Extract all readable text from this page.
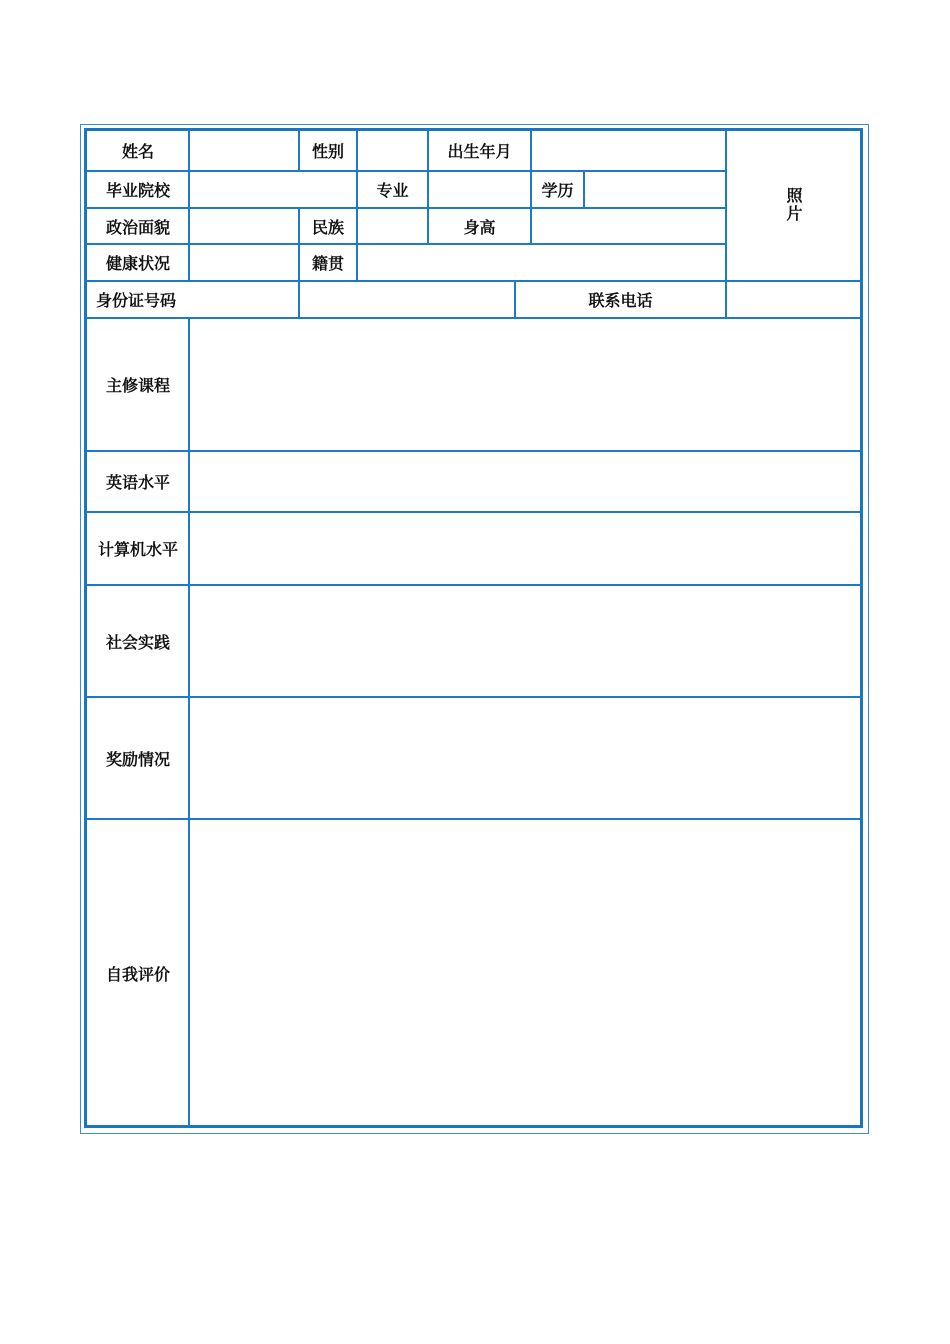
姓名	性别	出生年月
照
片
毕业院校	专业	学历
政治面貌	民族	身高
健康状况	籍贯
身份证号码	联系电话
主修课程
英语水平
计算机水平
社会实践
奖励情况
自我评价
